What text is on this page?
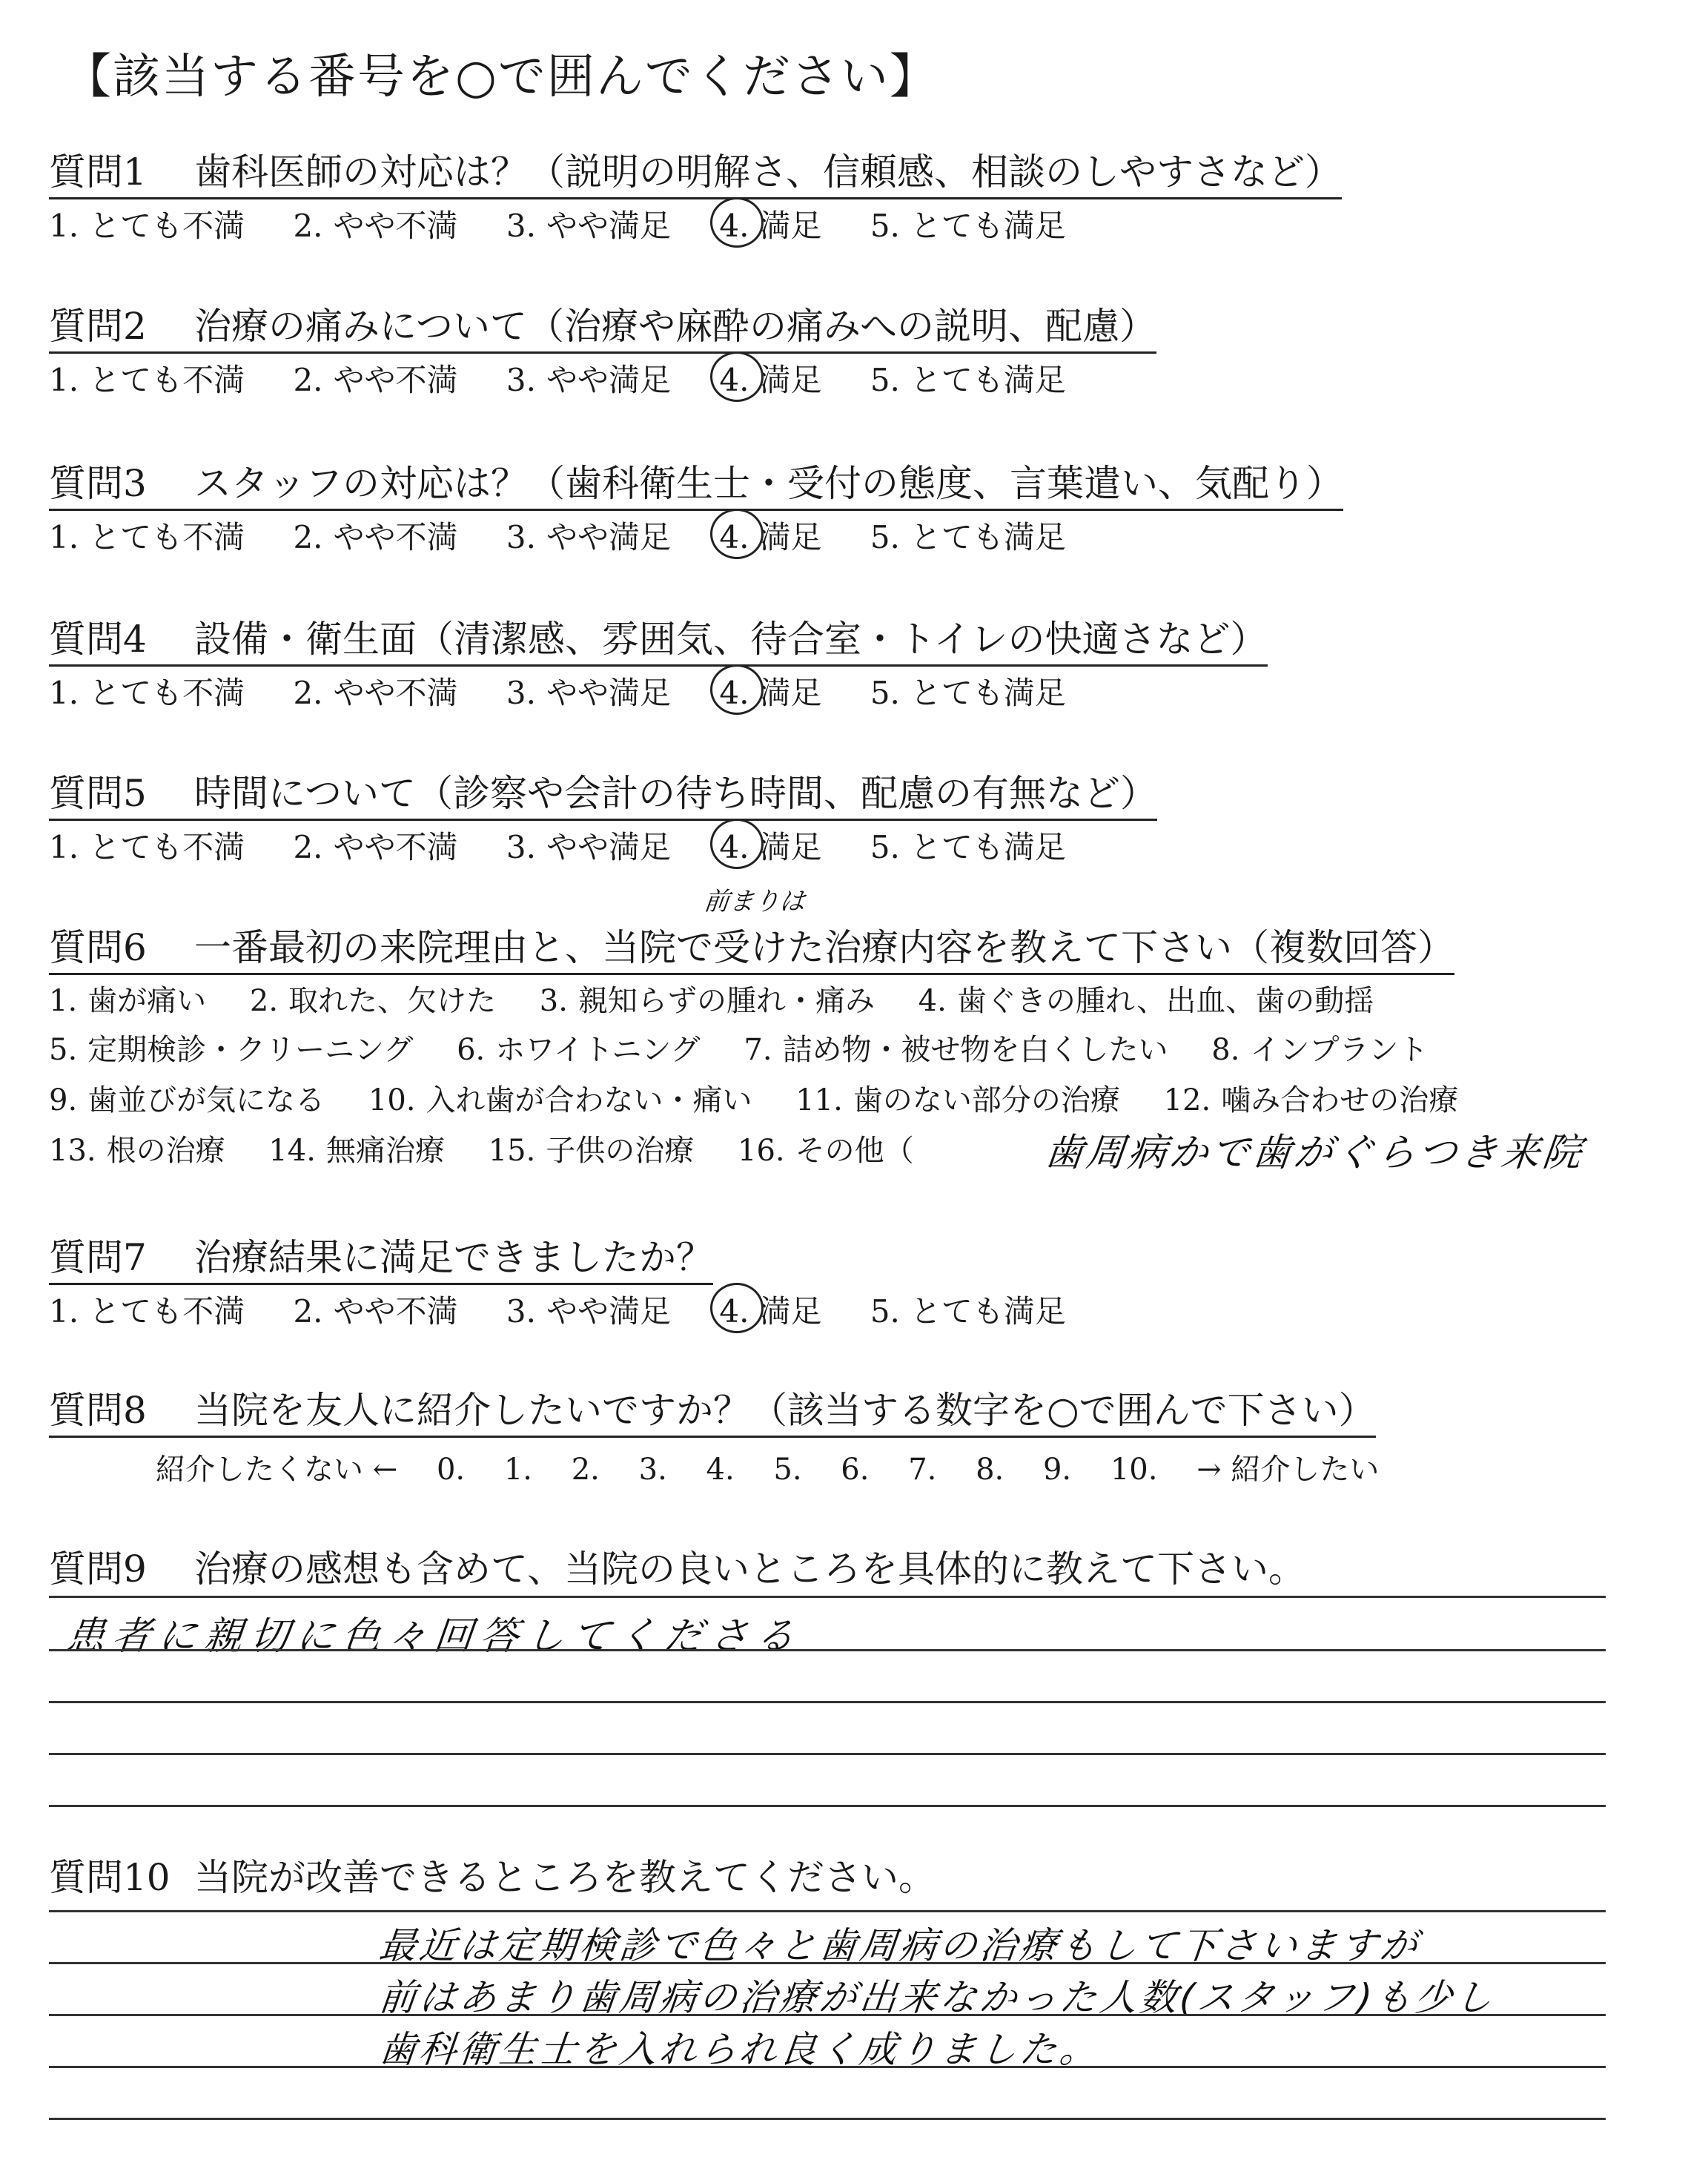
【該当する番号を○で囲んでください】
質問1 歯科医師の対応は？（説明の明解さ、信頼感、相談のしやすさなど）
1. とても不満 2. やや不満 3. やや満足 4. 満足 5. とても満足
質問2 治療の痛みについて（治療や麻酔の痛みへの説明、配慮）
1. とても不満 2. やや不満 3. やや満足 4. 満足 5. とても満足
質問3 スタッフの対応は？（歯科衛生士・受付の態度、言葉遣い、気配り）
1. とても不満 2. やや不満 3. やや満足 4. 満足 5. とても満足
質問4 設備・衛生面（清潔感、雰囲気、待合室・トイレの快適さなど）
1. とても不満 2. やや不満 3. やや満足 4. 満足 5. とても満足
質問5 時間について（診察や会計の待ち時間、配慮の有無など）
1. とても不満 2. やや不満 3. やや満足 4. 満足 5. とても満足
前まりは
質問6 一番最初の来院理由と、当院で受けた治療内容を教えて下さい（複数回答）
1. 歯が痛い 2. 取れた、欠けた 3. 親知らずの腫れ・痛み 4. 歯ぐきの腫れ、出血、歯の動揺
5. 定期検診・クリーニング 6. ホワイトニング 7. 詰め物・被せ物を白くしたい 8. インプラント
9. 歯並びが気になる 10. 入れ歯が合わない・痛い 11. 歯のない部分の治療 12. 噛み合わせの治療
13. 根の治療 14. 無痛治療 15. 子供の治療 16. その他（	歯周病かで歯がぐらつき来院
質問7 治療結果に満足できましたか？
1. とても不満 2. やや不満 3. やや満足 4. 満足 5. とても満足
質問8 当院を友人に紹介したいですか？（該当する数字を○で囲んで下さい）
紹介したくない ← 0. 1. 2. 3. 4. 5. 6. 7. 8. 9. 10. → 紹介したい
質問9 治療の感想も含めて、当院の良いところを具体的に教えて下さい。
患者に親切に色々回答してくださる
質問10 当院が改善できるところを教えてください。
最近は定期検診で色々と歯周病の治療もして下さいますが
前はあまり歯周病の治療が出来なかった人数(スタッフ)も少し
歯科衛生士を入れられ良く成りました。
